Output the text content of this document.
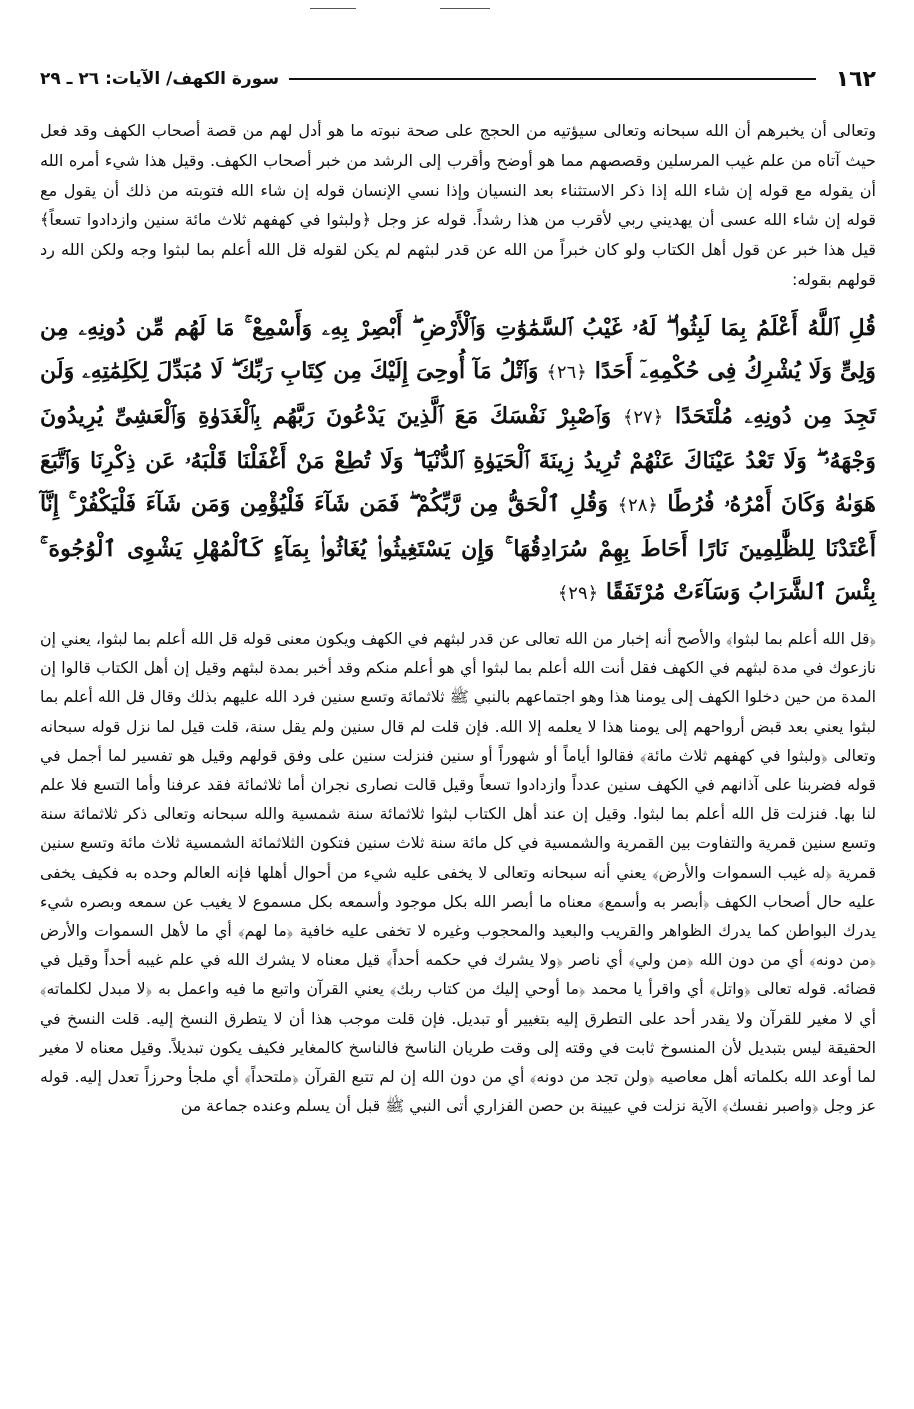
١٦٢
سورة الكهف/ الآيات: ٢٦ ـ ٢٩

وتعالى أن يخبرهم أن الله سبحانه وتعالى سيؤتيه من الحجج على صحة نبوته ما هو أدل لهم من قصة أصحاب الكهف وقد فعل حيث آتاه من علم غيب المرسلين وقصصهم مما هو أوضح وأقرب إلى الرشد من خبر أصحاب الكهف. وقيل هذا شيء أمره الله أن يقوله مع قوله إن شاء الله إذا ذكر الاستثناء بعد النسيان وإذا نسي الإنسان قوله إن شاء الله فتوبته من ذلك أن يقول مع قوله إن شاء الله عسى أن يهديني ربي لأقرب من هذا رشداً. قوله عز وجل ﴿ولبثوا في كهفهم ثلاث مائة سنين وازدادوا تسعاً﴾ قيل هذا خبر عن قول أهل الكتاب ولو كان خبراً من الله عن قدر لبثهم لم يكن لقوله قل الله أعلم بما لبثوا وجه ولكن الله رد قولهم بقوله:

قُلِ ٱللَّهُ أَعْلَمُ بِمَا لَبِثُوا۟ ۖ لَهُۥ غَيْبُ ٱلسَّمَٰوَٰتِ وَٱلْأَرْضِ ۖ أَبْصِرْ بِهِۦ وَأَسْمِعْ ۚ مَا لَهُم مِّن دُونِهِۦ مِن وَلِىٍّ وَلَا يُشْرِكُ فِى حُكْمِهِۦٓ أَحَدًا ﴿٢٦﴾ وَٱتْلُ مَآ أُوحِىَ إِلَيْكَ مِن كِتَابِ رَبِّكَ ۖ لَا مُبَدِّلَ لِكَلِمَٰتِهِۦ وَلَن تَجِدَ مِن دُونِهِۦ مُلْتَحَدًا ﴿٢٧﴾ وَٱصْبِرْ نَفْسَكَ مَعَ ٱلَّذِينَ يَدْعُونَ رَبَّهُم بِٱلْغَدَوٰةِ وَٱلْعَشِىِّ يُرِيدُونَ وَجْهَهُۥ ۖ وَلَا تَعْدُ عَيْنَاكَ عَنْهُمْ تُرِيدُ زِينَةَ ٱلْحَيَوٰةِ ٱلدُّنْيَا ۖ وَلَا تُطِعْ مَنْ أَغْفَلْنَا قَلْبَهُۥ عَن ذِكْرِنَا وَٱتَّبَعَ هَوَىٰهُ وَكَانَ أَمْرُهُۥ فُرُطًا ﴿٢٨﴾ وَقُلِ ٱلْحَقُّ مِن رَّبِّكُمْ ۖ فَمَن شَآءَ فَلْيُؤْمِن وَمَن شَآءَ فَلْيَكْفُرْ ۚ إِنَّآ أَعْتَدْنَا لِلظَّٰلِمِينَ نَارًا أَحَاطَ بِهِمْ سُرَادِقُهَا ۚ وَإِن يَسْتَغِيثُوا۟ يُغَاثُوا۟ بِمَآءٍ كَٱلْمُهْلِ يَشْوِى ٱلْوُجُوهَ ۚ بِئْسَ ٱلشَّرَابُ وَسَآءَتْ مُرْتَفَقًا ﴿٢٩﴾

﴿قل الله أعلم بما لبثوا﴾ والأصح أنه إخبار من الله تعالى عن قدر لبثهم في الكهف ويكون معنى قوله قل الله أعلم بما لبثوا، يعني إن نازعوك في مدة لبثهم في الكهف فقل أنت الله أعلم بما لبثوا أي هو أعلم منكم وقد أخبر بمدة لبثهم وقيل إن أهل الكتاب قالوا إن المدة من حين دخلوا الكهف إلى يومنا هذا وهو اجتماعهم بالنبي ﷺ ثلاثمائة وتسع سنين فرد الله عليهم بذلك وقال قل الله أعلم بما لبثوا يعني بعد قبض أرواحهم إلى يومنا هذا لا يعلمه إلا الله. فإن قلت لم قال سنين ولم يقل سنة، قلت قيل لما نزل قوله سبحانه وتعالى ﴿ولبثوا في كهفهم ثلاث مائة﴾ فقالوا أياماً أو شهوراً أو سنين فنزلت سنين على وفق قولهم وقيل هو تفسير لما أجمل في قوله فضربنا على آذانهم في الكهف سنين عدداً وازدادوا تسعاً وقيل قالت نصارى نجران أما ثلاثمائة فقد عرفنا وأما التسع فلا علم لنا بها. فنزلت قل الله أعلم بما لبثوا. وقيل إن عند أهل الكتاب لبثوا ثلاثمائة سنة شمسية والله سبحانه وتعالى ذكر ثلاثمائة سنة وتسع سنين قمرية والتفاوت بين القمرية والشمسية في كل مائة سنة ثلاث سنين فتكون الثلاثمائة الشمسية ثلاث مائة وتسع سنين قمرية ﴿له غيب السموات والأرض﴾ يعني أنه سبحانه وتعالى لا يخفى عليه شيء من أحوال أهلها فإنه العالم وحده به فكيف يخفى عليه حال أصحاب الكهف ﴿أبصر به وأسمع﴾ معناه ما أبصر الله بكل موجود وأسمعه بكل مسموع لا يغيب عن سمعه وبصره شيء يدرك البواطن كما يدرك الظواهر والقريب والبعيد والمحجوب وغيره لا تخفى عليه خافية ﴿ما لهم﴾ أي ما لأهل السموات والأرض ﴿من دونه﴾ أي من دون الله ﴿من ولي﴾ أي ناصر ﴿ولا يشرك في حكمه أحداً﴾ قيل معناه لا يشرك الله في علم غيبه أحداً وقيل في قضائه. قوله تعالى ﴿واتل﴾ أي واقرأ يا محمد ﴿ما أوحي إليك من كتاب ربك﴾ يعني القرآن واتبع ما فيه واعمل به ﴿لا مبدل لكلماته﴾ أي لا مغير للقرآن ولا يقدر أحد على التطرق إليه بتغيير أو تبديل. فإن قلت موجب هذا أن لا يتطرق النسخ إليه. قلت النسخ في الحقيقة ليس بتبديل لأن المنسوخ ثابت في وقته إلى وقت طريان الناسخ فالناسخ كالمغاير فكيف يكون تبديلاً. وقيل معناه لا مغير لما أوعد الله بكلماته أهل معاصيه ﴿ولن تجد من دونه﴾ أي من دون الله إن لم تتبع القرآن ﴿ملتحداً﴾ أي ملجأ وحرزاً تعدل إليه. قوله عز وجل ﴿واصبر نفسك﴾ الآية نزلت في عيينة بن حصن الفزاري أتى النبي ﷺ قبل أن يسلم وعنده جماعة من
